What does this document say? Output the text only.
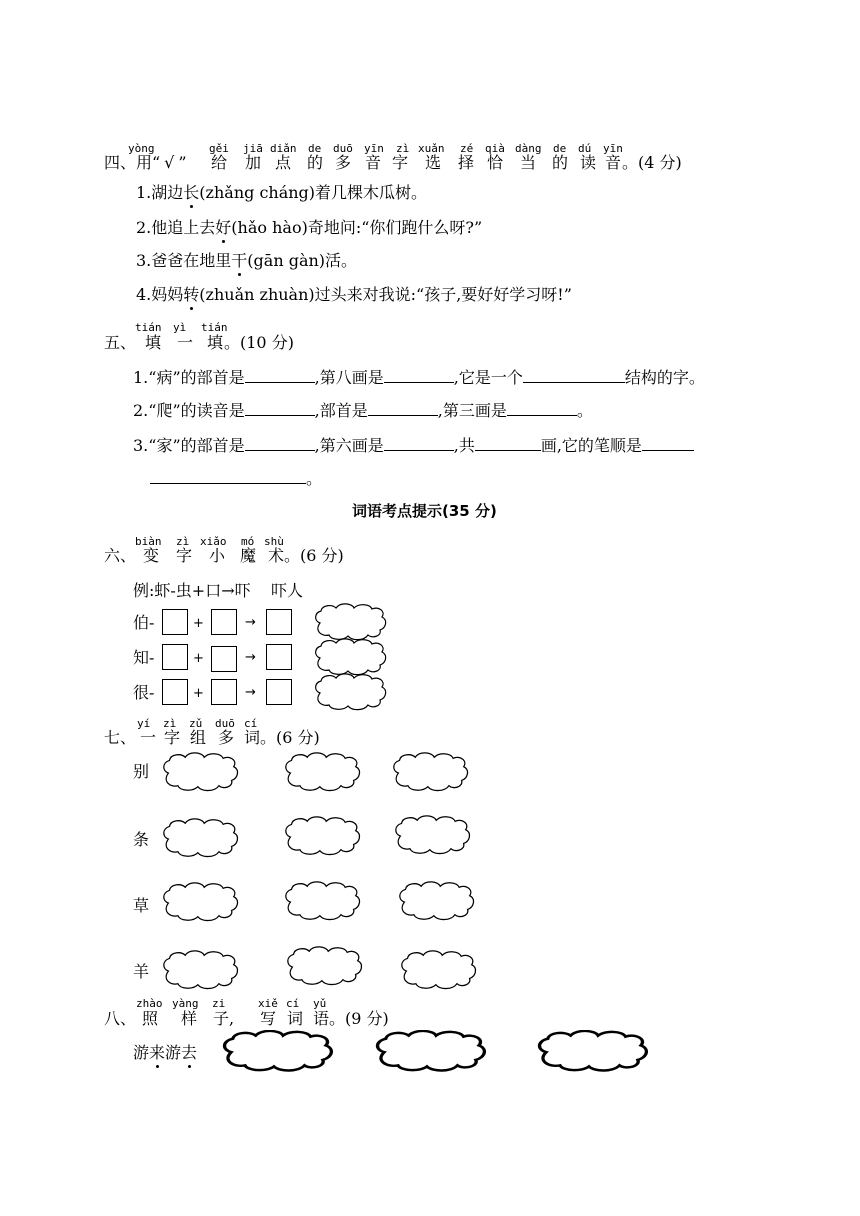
yòng	gěi jiā diǎn de duō yīn zì xuǎn zé qià dàng de dú yīn
四、 用 “√” 给 加 点 的 多 音 字 选 择 恰 当 的 读 音 。(4 分)
1.湖边长(zhǎng cháng)着几棵木瓜树。
2.他追上去好(hǎo hào)奇地问:“你们跑什么呀?”
3.爸爸在地里干(gān gàn)活。
4.妈妈转(zhuǎn zhuàn)过头来对我说:“孩子,要好好学习呀!”
tián yì tián
五、 填 一 填 。(10 分)
1.“病”的部首是	,第八画是	,它是一个	结构的字。
2.“爬”的读音是	,部首是	,第三画是	。
3.“家”的部首是	,第六画是	,共	画,它的笔顺是
。
词语考点提示(35 分)
biàn zì xiǎo mó shù
六、 变 字 小 魔 术 。(6 分)
例:虾-虫+口→吓    吓人
伯-	+	→
知-	+	→
很-	+	→
yí zì zǔ duō cí
七、 一 字 组 多 词 。(6 分)
别
条
草
羊
zhào yàng zi	xiě cí yǔ
八、 照 样 子 , 写 词 语 。(9 分)
游来游去
